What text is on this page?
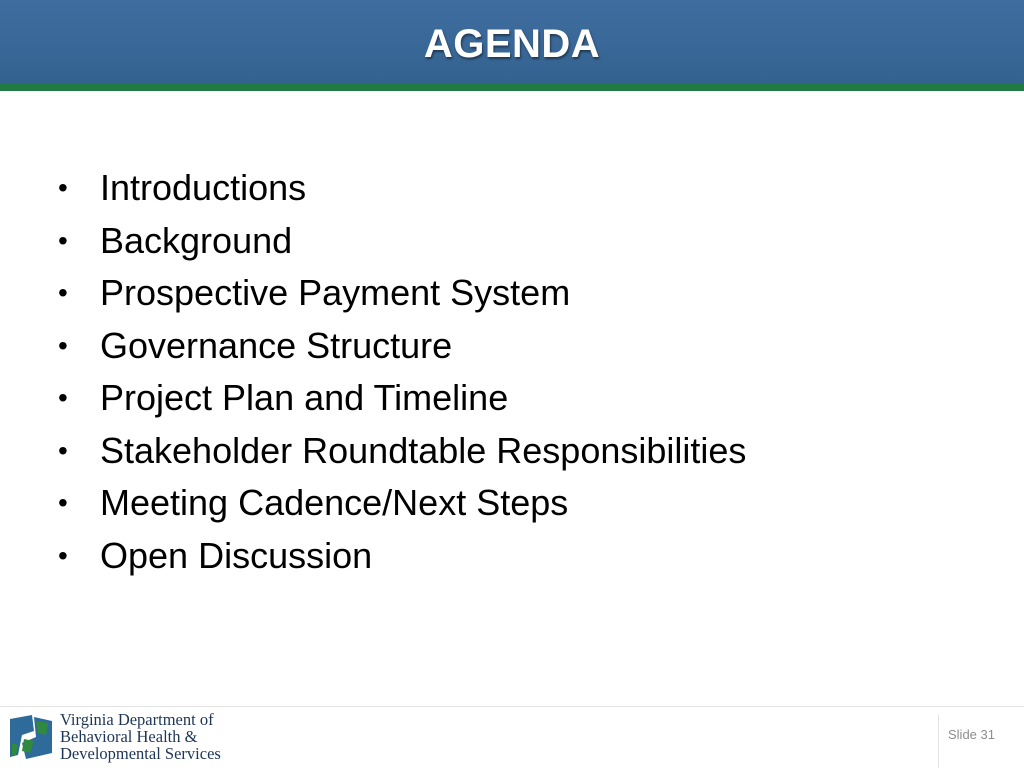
AGENDA
• Introductions
• Background
• Prospective Payment System
• Governance Structure
• Project Plan and Timeline
• Stakeholder Roundtable Responsibilities
• Meeting Cadence/Next Steps
• Open Discussion
Virginia Department of
Behavioral Health &
Developmental Services
Slide 31
